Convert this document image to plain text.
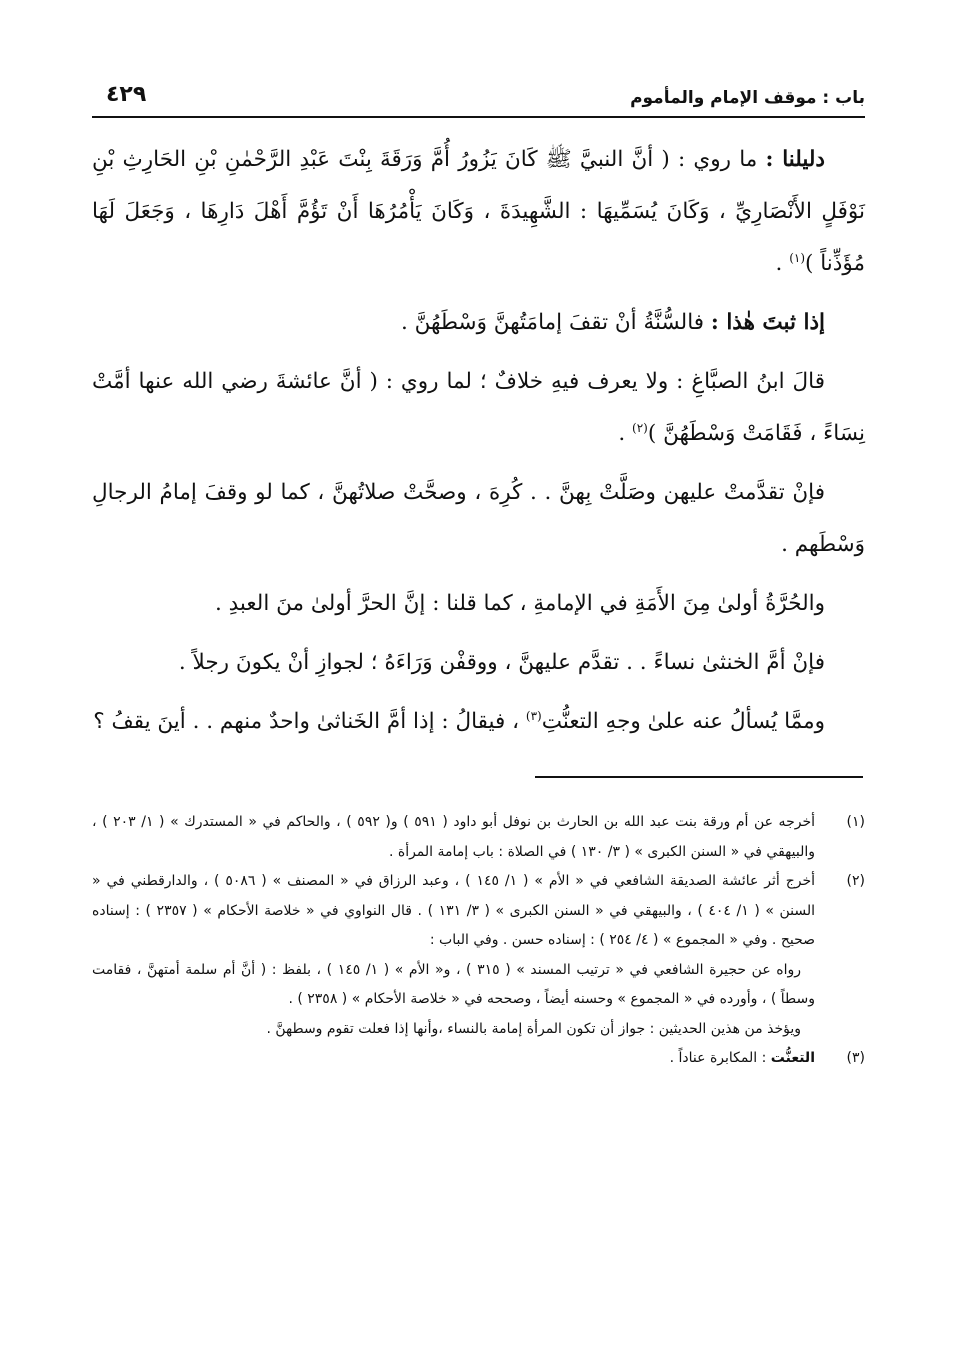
باب : موقف الإمام والمأموم
٤٢٩

دليلنا : ما روي : ( أنَّ النبيَّ ﷺ كَانَ يَزُورُ أُمَّ وَرَقَةَ بِنْتَ عَبْدِ الرَّحْمٰنِ بْنِ الحَارِثِ بْنِ نَوْفَلٍ الأَنْصَارِيِّ ، وَكَانَ يُسَمِّيهَا : الشَّهِيدَةَ ، وَكَانَ يَأْمُرُهَا أَنْ تَؤُمَّ أَهْلَ دَارِهَا ، وَجَعَلَ لَهَا مُؤَذِّناً )$^{(١)}$ .

إذا ثبتَ هٰذا : فالسُّنَّةُ أنْ تقفَ إمامَتُهنَّ وَسْطَهُنَّ .

قالَ ابنُ الصبَّاغِ : ولا يعرف فيهِ خلافٌ ؛ لما روي : ( أنَّ عائشةَ رضي الله عنها أمَّتْ نِسَاءً ، فَقَامَتْ وَسْطَهُنَّ )$^{(٢)}$ .

فإنْ تقدَّمتْ عليهن وصَلَّتْ بِهنَّ . . كُرِهَ ، وصحَّتْ صلاتُهنَّ ، كما لو وقفَ إمامُ الرجالِ وَسْطَهم .

والحُرَّةُ أولىٰ مِنَ الأَمَةِ في الإمامةِ ، كما قلنا : إنَّ الحرَّ أولىٰ منَ العبدِ .

فإنْ أمَّ الخنثىٰ نساءً . . تقدَّم عليهنَّ ، ووقفْن وَرَاءَهُ ؛ لجوازِ أنْ يكونَ رجلاً .

وممَّا يُسألُ عنه علىٰ وجهِ التعنُّتِ$^{(٣)}$ ، فيقالُ : إذا أمَّ الخَناثىٰ واحدٌ منهم . . أينَ يقفُ ؟

(١)

أخرجه عن أم ورقة بنت عبد الله بن الحارث بن نوفل أبو داود ( ٥٩١ ) و( ٥٩٢ ) ، والحاكم في « المستدرك » ( ١/ ٢٠٣ ) ، والبيهقي في « السنن الكبرى » ( ٣/ ١٣٠ ) في الصلاة : باب إمامة المرأة .

(٢)

أخرج أثر عائشة الصديقة الشافعي في « الأم » ( ١/ ١٤٥ ) ، وعبد الرزاق في « المصنف » ( ٥٠٨٦ ) ، والدارقطني في « السنن » ( ١/ ٤٠٤ ) ، والبيهقي في « السنن الكبرى » ( ٣/ ١٣١ ) . قال النواوي في « خلاصة الأحكام » ( ٢٣٥٧ ) : إسناده صحيح . وفي « المجموع » ( ٤/ ٢٥٤ ) : إسناده حسن . وفي الباب :

رواه عن حجيرة الشافعي في « ترتيب المسند » ( ٣١٥ ) ، و« الأم » ( ١/ ١٤٥ ) ، بلفظ : ( أنَّ أم سلمة أمتهنَّ ، فقامت وسطاً ) ، وأورده في « المجموع » وحسنه أيضاً ، وصححه في « خلاصة الأحكام » ( ٢٣٥٨ ) .

ويؤخذ من هذين الحديثين : جواز أن تكون المرأة إمامة بالنساء ،وأنها إذا فعلت تقوم وسطهنَّ .

(٣)

التعنُّت : المكابرة عناداً .
